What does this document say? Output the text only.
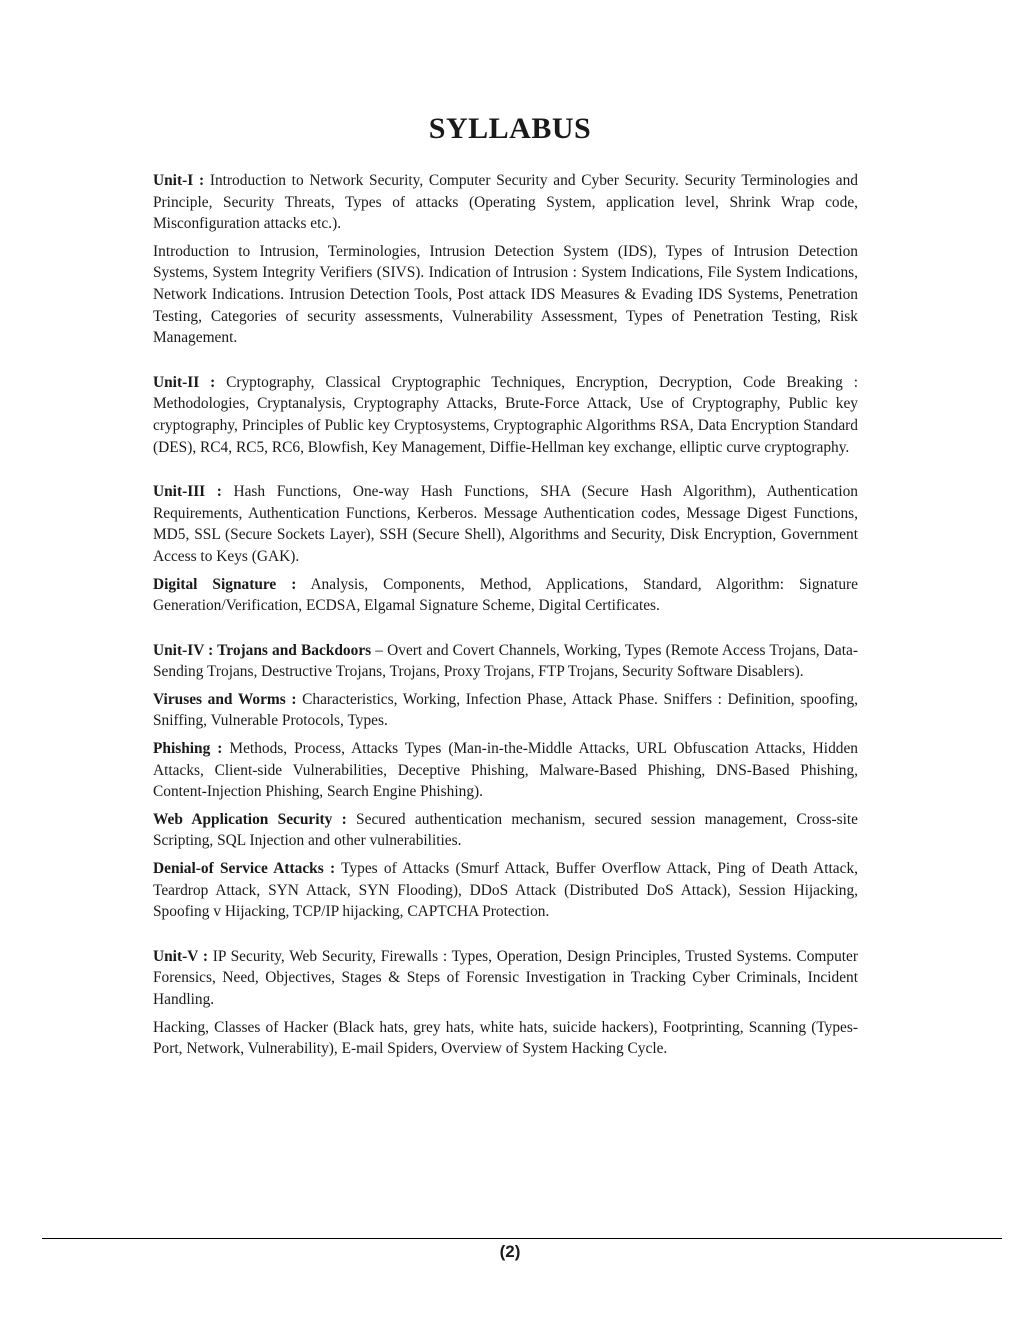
SYLLABUS

Unit-I : Introduction to Network Security, Computer Security and Cyber Security. Security Terminologies and Principle, Security Threats, Types of attacks (Operating System, application level, Shrink Wrap code, Misconfiguration attacks etc.).

Introduction to Intrusion, Terminologies, Intrusion Detection System (IDS), Types of Intrusion Detection Systems, System Integrity Verifiers (SIVS). Indication of Intrusion : System Indications, File System Indications, Network Indications. Intrusion Detection Tools, Post attack IDS Measures & Evading IDS Systems, Penetration Testing, Categories of security assessments, Vulnerability Assessment, Types of Penetration Testing, Risk Management.

Unit-II : Cryptography, Classical Cryptographic Techniques, Encryption, Decryption, Code Breaking : Methodologies, Cryptanalysis, Cryptography Attacks, Brute-Force Attack, Use of Cryptography, Public key cryptography, Principles of Public key Cryptosystems, Cryptographic Algorithms RSA, Data Encryption Standard (DES), RC4, RC5, RC6, Blowfish, Key Management, Diffie-Hellman key exchange, elliptic curve cryptography.

Unit-III : Hash Functions, One-way Hash Functions, SHA (Secure Hash Algorithm), Authentication Requirements, Authentication Functions, Kerberos. Message Authentication codes, Message Digest Functions, MD5, SSL (Secure Sockets Layer), SSH (Secure Shell), Algorithms and Security, Disk Encryption, Government Access to Keys (GAK).

Digital Signature : Analysis, Components, Method, Applications, Standard, Algorithm: Signature Generation/Verification, ECDSA, Elgamal Signature Scheme, Digital Certificates.

Unit-IV : Trojans and Backdoors – Overt and Covert Channels, Working, Types (Remote Access Trojans, Data-Sending Trojans, Destructive Trojans, Trojans, Proxy Trojans, FTP Trojans, Security Software Disablers).

Viruses and Worms : Characteristics, Working, Infection Phase, Attack Phase. Sniffers : Definition, spoofing, Sniffing, Vulnerable Protocols, Types.

Phishing : Methods, Process, Attacks Types (Man-in-the-Middle Attacks, URL Obfuscation Attacks, Hidden Attacks, Client-side Vulnerabilities, Deceptive Phishing, Malware-Based Phishing, DNS-Based Phishing, Content-Injection Phishing, Search Engine Phishing).

Web Application Security : Secured authentication mechanism, secured session management, Cross-site Scripting, SQL Injection and other vulnerabilities.

Denial-of Service Attacks : Types of Attacks (Smurf Attack, Buffer Overflow Attack, Ping of Death Attack, Teardrop Attack, SYN Attack, SYN Flooding), DDoS Attack (Distributed DoS Attack), Session Hijacking, Spoofing v Hijacking, TCP/IP hijacking, CAPTCHA Protection.

Unit-V : IP Security, Web Security, Firewalls : Types, Operation, Design Principles, Trusted Systems. Computer Forensics, Need, Objectives, Stages & Steps of Forensic Investigation in Tracking Cyber Criminals, Incident Handling.

Hacking, Classes of Hacker (Black hats, grey hats, white hats, suicide hackers), Footprinting, Scanning (Types-Port, Network, Vulnerability), E-mail Spiders, Overview of System Hacking Cycle.

(2)
